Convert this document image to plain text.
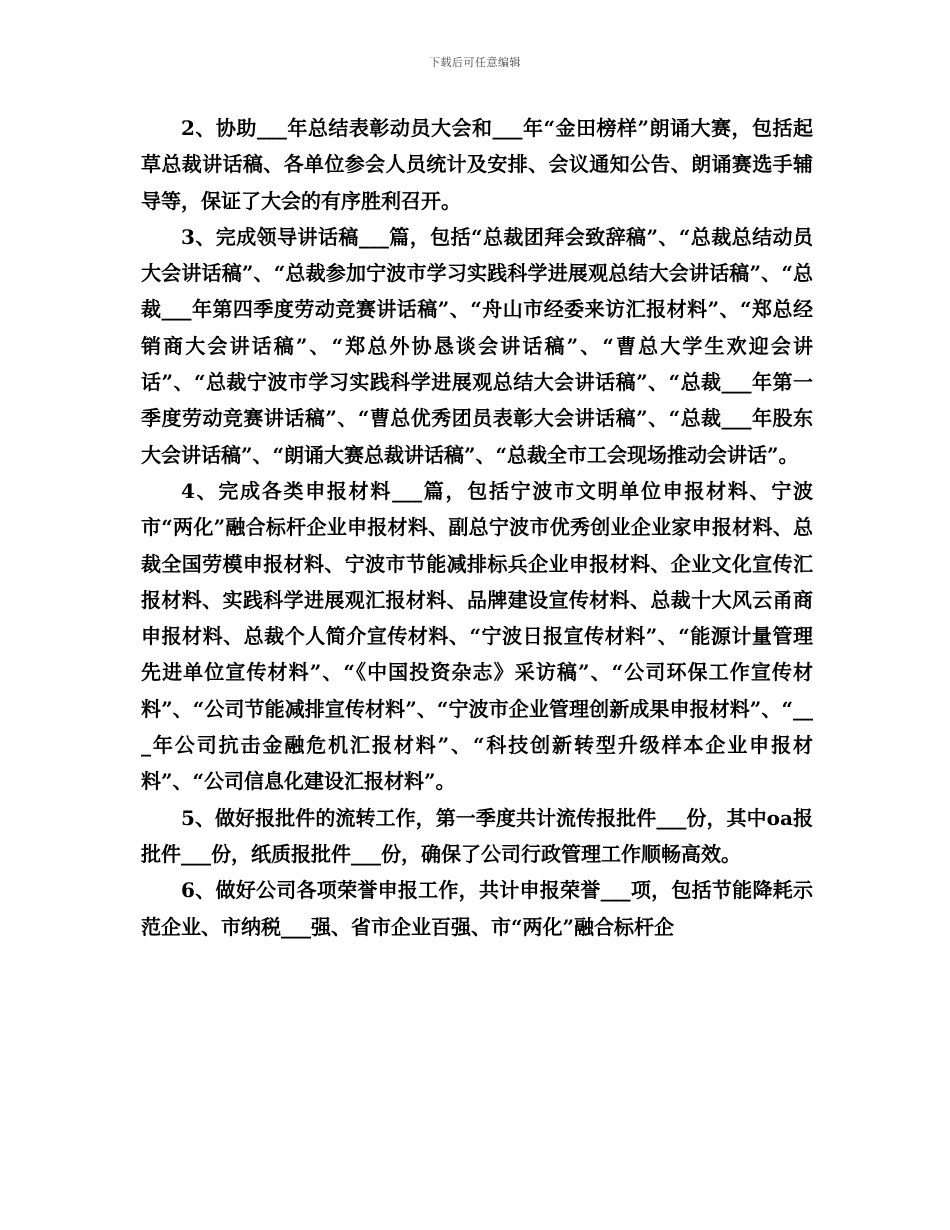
下载后可任意编辑

2、协助___年总结表彰动员大会和___年“金田榜样”朗诵大赛，包括起草总裁讲话稿、各单位参会人员统计及安排、会议通知公告、朗诵赛选手辅导等，保证了大会的有序胜利召开。

3、完成领导讲话稿___篇，包括“总裁团拜会致辞稿”、“总裁总结动员大会讲话稿”、“总裁参加宁波市学习实践科学进展观总结大会讲话稿”、“总裁___年第四季度劳动竞赛讲话稿”、“舟山市经委来访汇报材料”、“郑总经销商大会讲话稿”、“郑总外协恳谈会讲话稿”、“曹总大学生欢迎会讲话”、“总裁宁波市学习实践科学进展观总结大会讲话稿”、“总裁___年第一季度劳动竞赛讲话稿”、“曹总优秀团员表彰大会讲话稿”、“总裁___年股东大会讲话稿”、“朗诵大赛总裁讲话稿”、“总裁全市工会现场推动会讲话”。

4、完成各类申报材料___篇，包括宁波市文明单位申报材料、宁波市“两化”融合标杆企业申报材料、副总宁波市优秀创业企业家申报材料、总裁全国劳模申报材料、宁波市节能减排标兵企业申报材料、企业文化宣传汇报材料、实践科学进展观汇报材料、品牌建设宣传材料、总裁十大风云甬商申报材料、总裁个人简介宣传材料、“宁波日报宣传材料”、“能源计量管理先进单位宣传材料”、“《中国投资杂志》采访稿”、“公司环保工作宣传材料”、“公司节能减排宣传材料”、“宁波市企业管理创新成果申报材料”、“___年公司抗击金融危机汇报材料”、“科技创新转型升级样本企业申报材料”、“公司信息化建设汇报材料”。

5、做好报批件的流转工作，第一季度共计流传报批件___份，其中oa报批件___份，纸质报批件___份，确保了公司行政管理工作顺畅高效。

6、做好公司各项荣誉申报工作，共计申报荣誉___项，包括节能降耗示范企业、市纳税___强、省市企业百强、市“两化”融合标杆企
